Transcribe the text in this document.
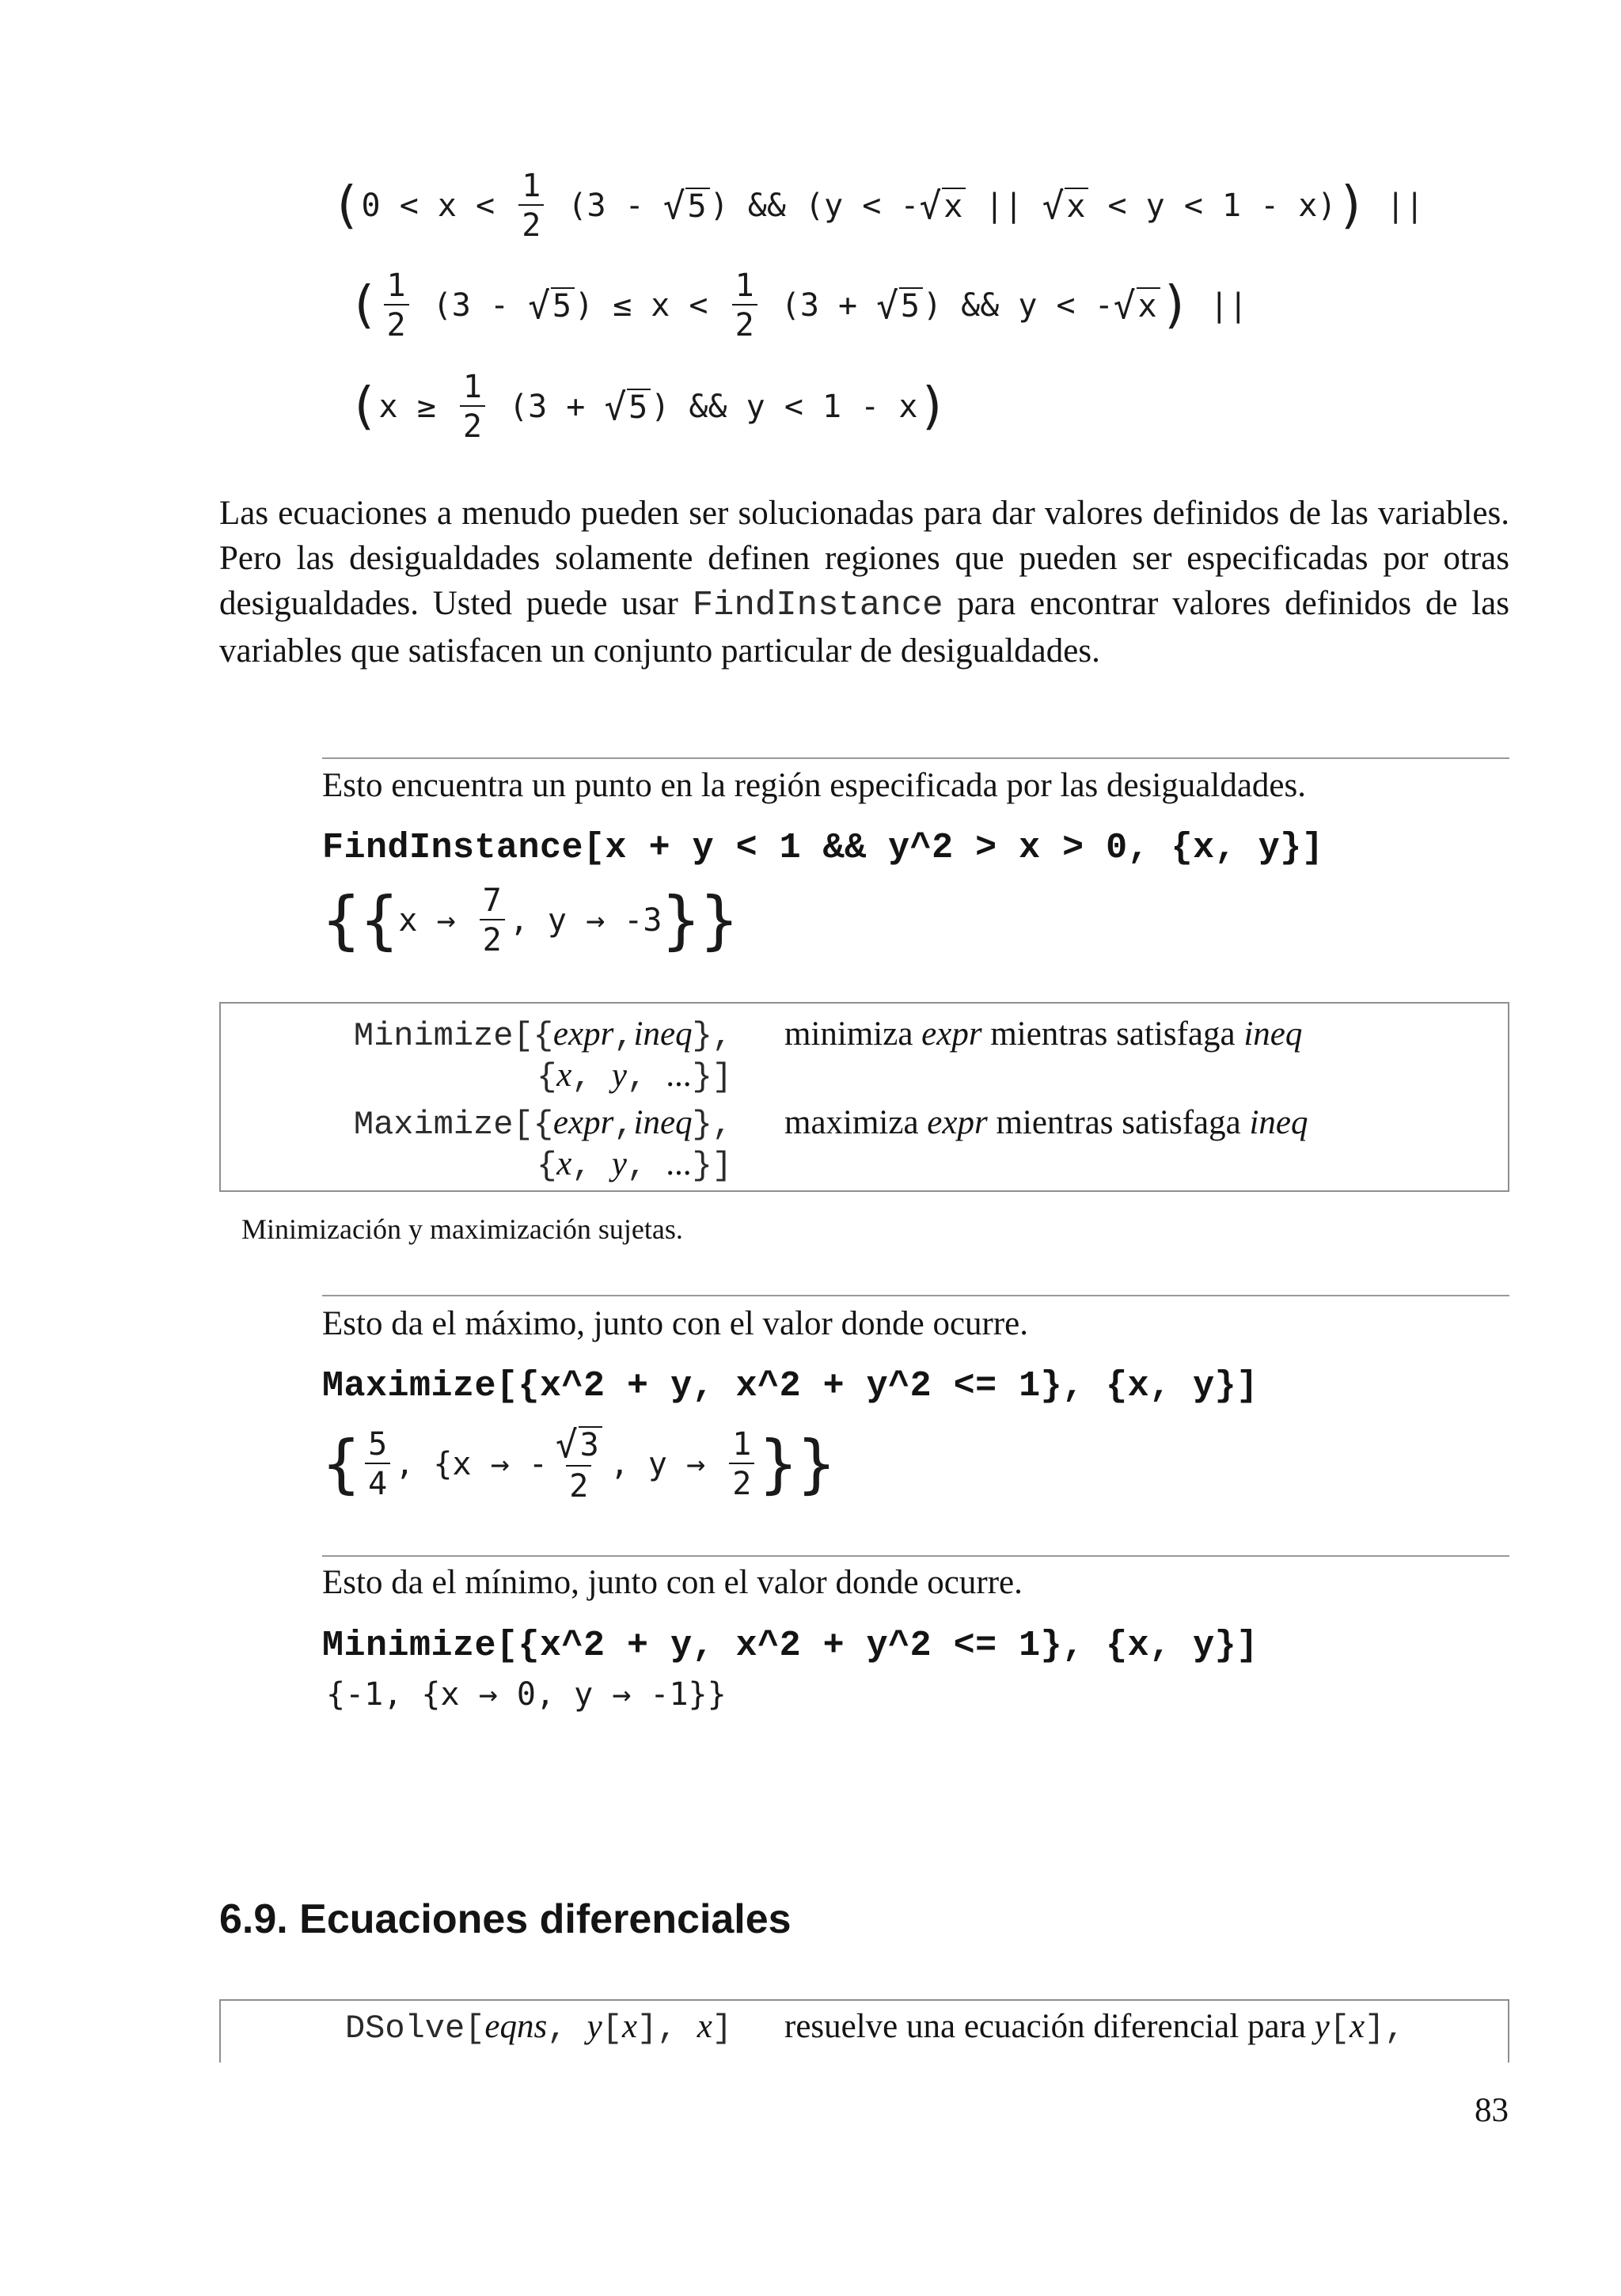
( $0 < x < \frac{1}{2} (3$ - √ 5 ) && (y < - √ x || √ x < y < 1 - x) ) ||
( $\frac{1}{2} (3$ - √ 5 ) ≤ $x < \frac{1}{2} (3$ + √ 5 ) && y < - √ x ) ||
( $x \ge \frac{1}{2} (3$ + √ 5 ) && y < 1 - x )
Las ecuaciones a menudo pueden ser solucionadas para dar valores definidos de las variables. Pero las desigualdades solamente definen regiones que pueden ser especificadas por otras desigualdades. Usted puede usar FindInstance para encontrar valores definidos de las variables que satisfacen un conjunto particular de desigualdades.
Esto encuentra un punto en la región especificada por las desigualdades.
FindInstance[x + y < 1 && y^2 > x > 0, {x, y}]
{{ $x \to \frac{7}{2}$ , y → -3 }}
Minimize[{expr,ineq}, minimiza expr mientras satisfaga ineq
{x, y, ...}]
Maximize[{expr,ineq}, maximiza expr mientras satisfaga ineq
{x, y, ...}]
Minimización y maximización sujetas.
Esto da el máximo, junto con el valor donde ocurre.
Maximize[{x^2 + y, x^2 + y^2 <= 1}, {x, y}]
{ $\frac{5}{4}$ , {x → - $\frac{√ 3}{2}$ , $y \to \frac{1}{2}$ }}
Esto da el mínimo, junto con el valor donde ocurre.
Minimize[{x^2 + y, x^2 + y^2 <= 1}, {x, y}]
{-1, {x → 0, y → -1}}
6.9. Ecuaciones diferenciales
DSolve[eqns, y[x], x] resuelve una ecuación diferencial para y[x],
83
